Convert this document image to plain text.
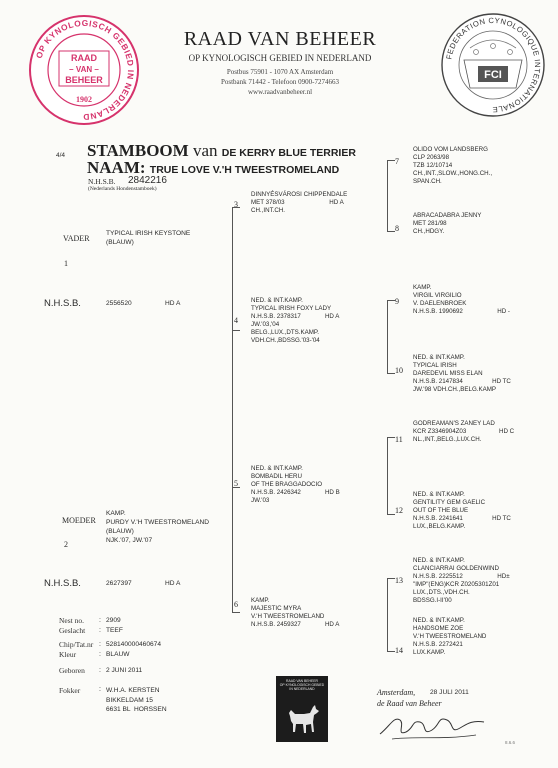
OP KYNOLOGISCH GEBIED IN NEDERLAND
RAAD
– VAN –
BEHEER
1902
RAAD VAN BEHEER
OP KYNOLOGISCH GEBIED IN NEDERLAND
Postbus 75901 - 1070 AX Amsterdam
Postbank 71442 - Telefoon 0900-7274663
www.raadvanbeheer.nl
FEDERATION CYNOLOGIQUE INTERNATIONALE
FCI
4/4 STAMBOOM van DE KERRY BLUE TERRIER
NAAM: TRUE LOVE V.'H TWEESTROMELAND
N.H.S.B. 2842216
(Nederlands Hondenstamboek)
VADER
TYPICAL IRISH KEYSTONE
(BLAUW)
1
N.H.S.B.	2556520	HD A
MOEDER
KAMP.
PURDY V.'H TWEESTROMELAND
(BLAUW)
NJK.'07, JW.'07
2
N.H.S.B.	2627397	HD A
3
DINNYÉSVÁROSI CHIPPENDALE
MET 378/03                          HD A
CH.,INT.CH.
4
NED. & INT.KAMP.
TYPICAL IRISH FOXY LADY
N.H.S.B. 2378317              HD A
JW.'03,'04
BELG.,LUX.,DTS.KAMP.
VDH.CH.,BDSSG.'03-'04
5
NED. & INT.KAMP.
BOMBADIL HERU
OF THE BRAGGADOCIO
N.H.S.B. 2426342              HD B
JW.'03
6 KAMP.
MAJESTIC MYRA
V.'H TWEESTROMELAND
N.H.S.B. 2459327              HD A
7
OLIDO VOM LANDSBERG
CLP 2063/98
TZB 12/10714
CH.,INT.,SLOW.,HONG.CH.,
SPAN.CH.
8
ABRACADABRA JENNY
MET 281/98
CH.,HDGY.
9
KAMP.
VIRGIL VIRGILIO
V. DAELENBROEK
N.H.S.B. 1990692                    HD -
10
NED. & INT.KAMP.
TYPICAL IRISH
DAREDEVIL MISS ELAN
N.H.S.B. 2147834                 HD TC
JW.'98 VDH.CH.,BELG.KAMP
11
GODREAMAN'S ZANEY LAD
KCR Z3346904Z03                   HD C
NL.,INT.,BELG.,LUX.CH.
12
NED. & INT.KAMP.
GENTILITY GEM GAELIC
OUT OF THE BLUE
N.H.S.B. 2241641                 HD TC
LUX.,BELG.KAMP.
13
NED. & INT.KAMP.
CLANCIARRAI GOLDENWIND
N.H.S.B. 2225512                    HD±
"IMP"(ENG)KCR Z0205301Z01
LUX.,DTS.,VDH.CH.
BDSSG.I-II'00
14
NED. & INT.KAMP.
HANDSOME ZOE
V.'H TWEESTROMELAND
N.H.S.B. 2272421
LUX.KAMP.
Nest no.	2909
Geslacht	TEEF
Chip/Tat.nr 528140000460674
Kleur	BLAUW
Geboren	2 JUNI 2011
:
:

:
:

:
Fokker	: W.H.A. KERSTEN
BIKKELDAM 15
6631 BL  HORSSEN
RAAD VAN BEHEER
OP KYNOLOGISCH GEBIED
IN NEDERLAND	Amsterdam, 28 JULI 2011
de Raad van Beheer
8.6.6
